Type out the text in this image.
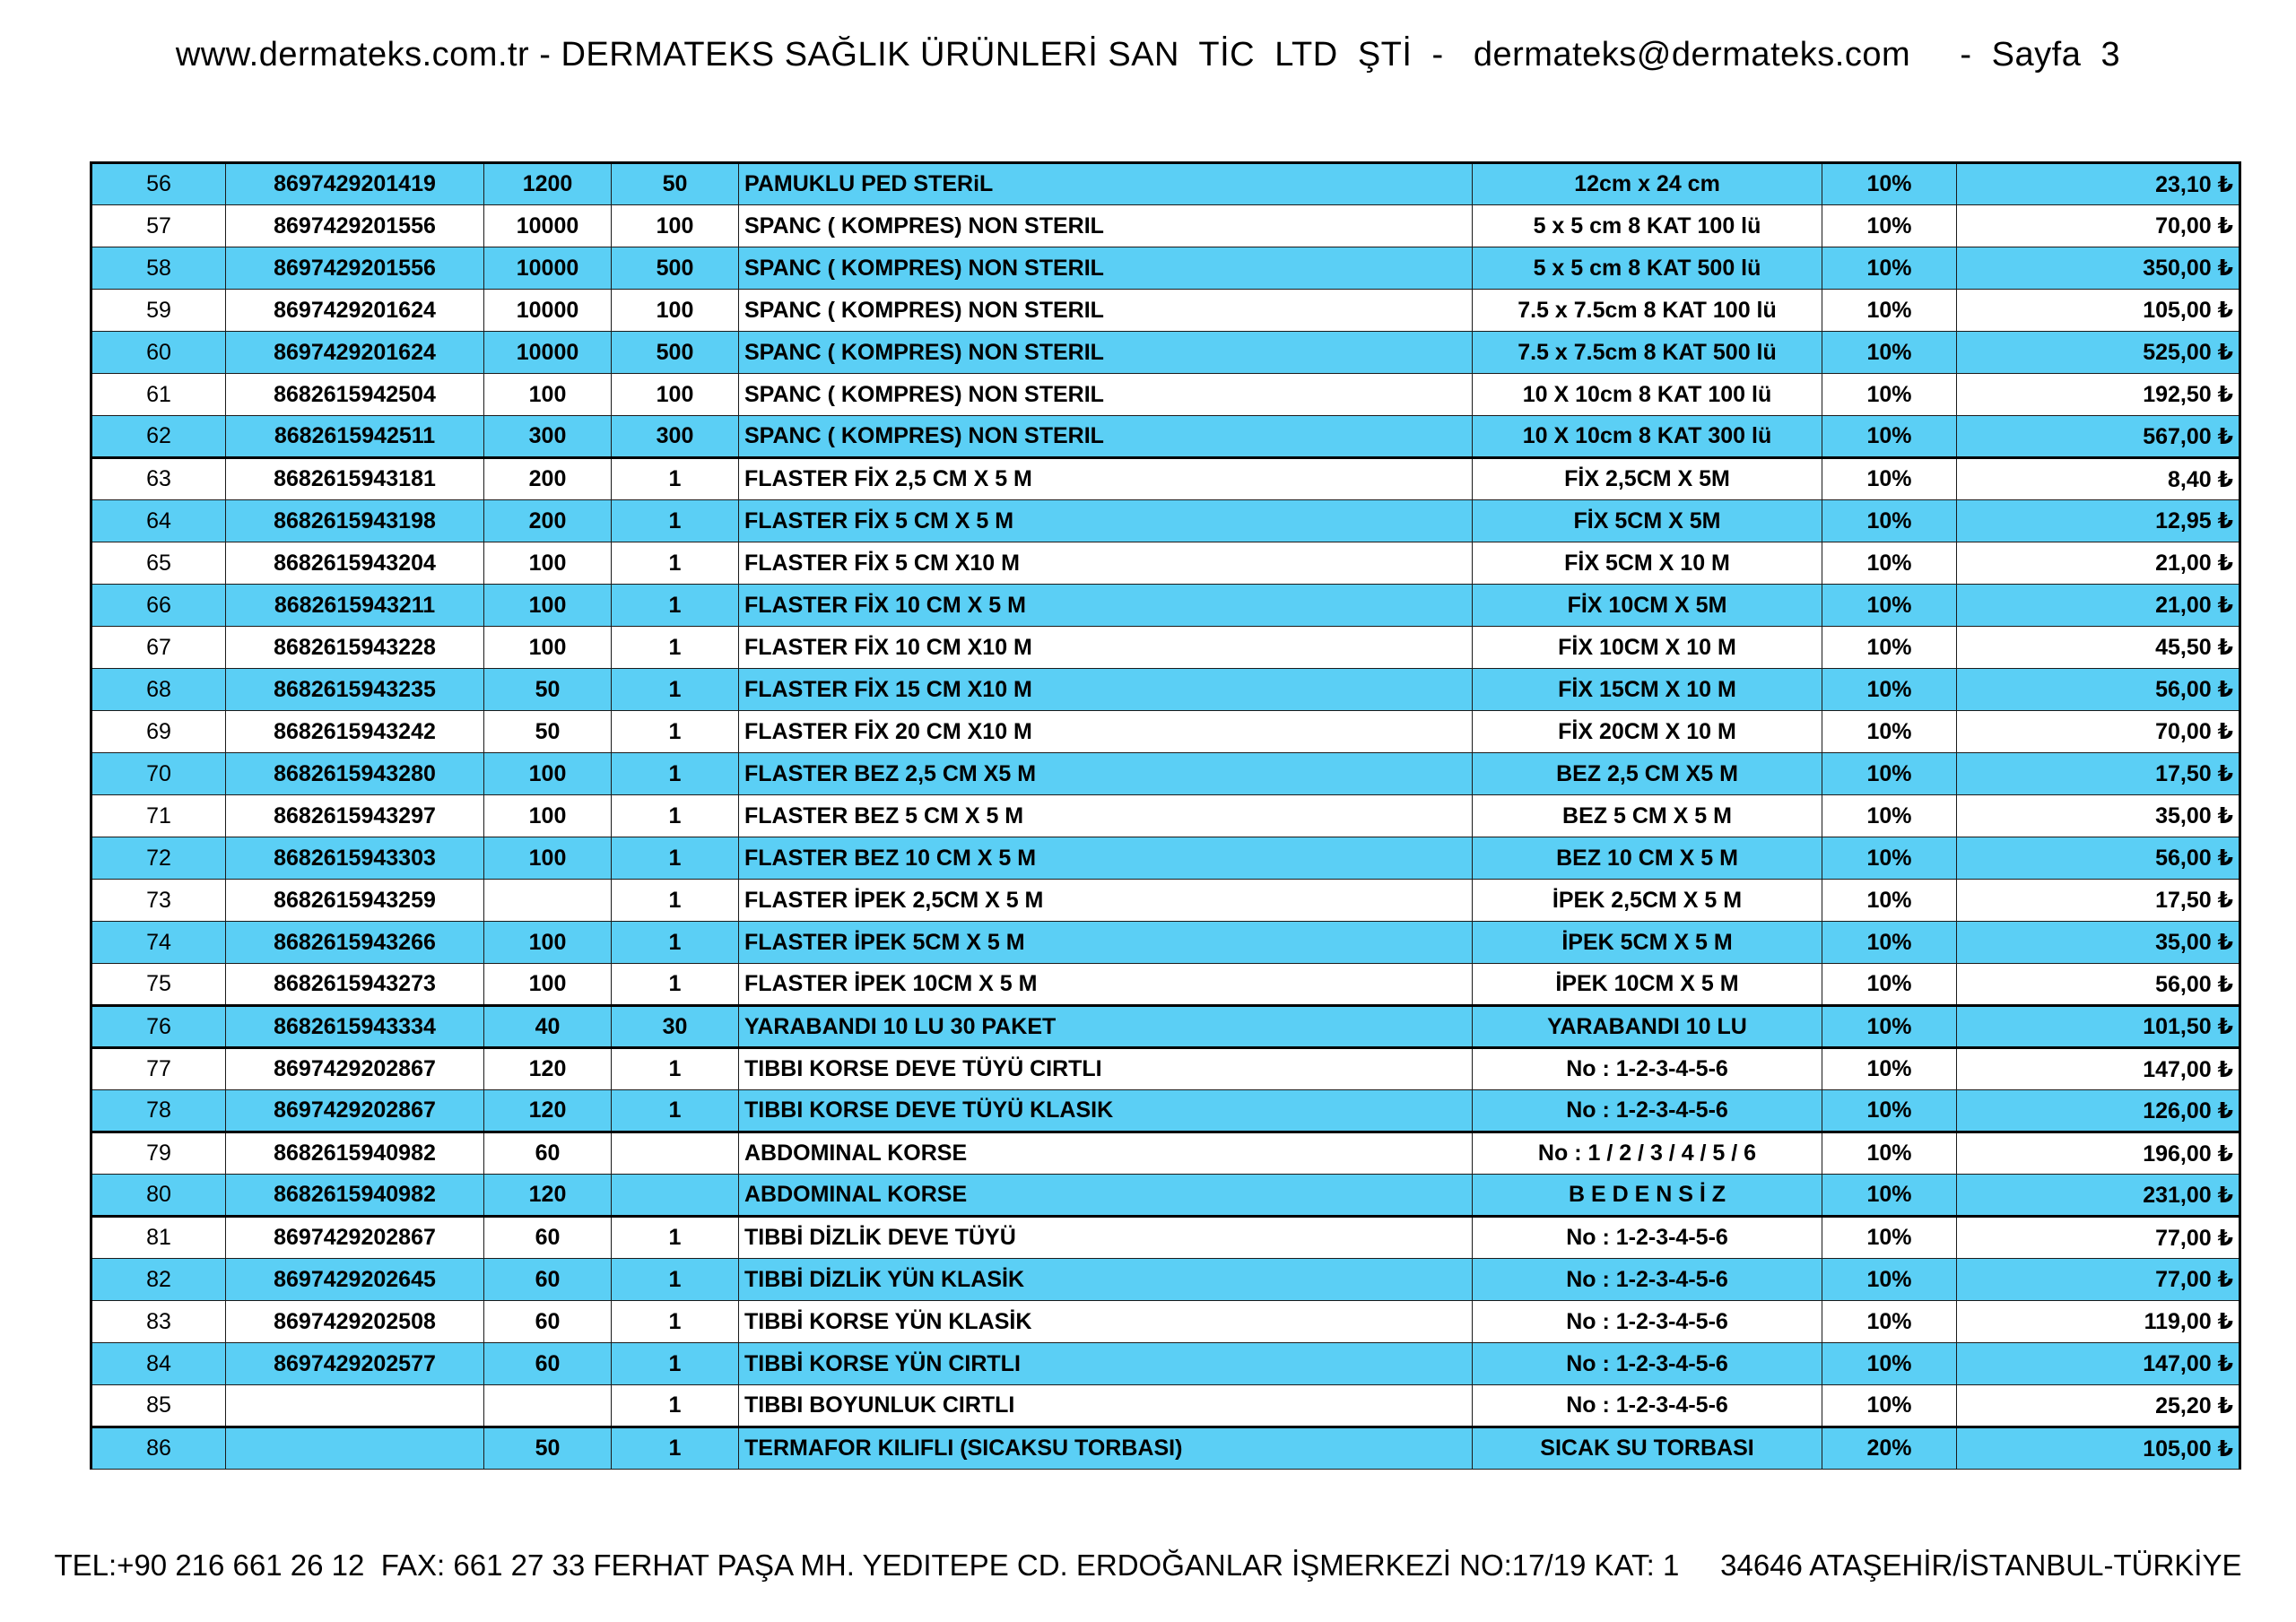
www.dermateks.com.tr - DERMATEKS SAĞLIK ÜRÜNLERİ SAN  TİC  LTD  ŞTİ  -   dermateks@dermateks.com     -  Sayfa  3
56	8697429201419	1200	50	PAMUKLU PED STERiL	12cm x 24 cm	10%	23,10 ₺
57	8697429201556	10000	100	SPANC ( KOMPRES) NON STERIL	5 x 5 cm 8 KAT 100 lü	10%	70,00 ₺
58	8697429201556	10000	500	SPANC ( KOMPRES) NON STERIL	5 x 5 cm 8 KAT 500 lü	10%	350,00 ₺
59	8697429201624	10000	100	SPANC ( KOMPRES) NON STERIL	7.5 x 7.5cm 8 KAT 100 lü	10%	105,00 ₺
60	8697429201624	10000	500	SPANC ( KOMPRES) NON STERIL	7.5 x 7.5cm 8 KAT 500 lü	10%	525,00 ₺
61	8682615942504	100	100	SPANC ( KOMPRES) NON STERIL	10 X 10cm 8 KAT 100 lü	10%	192,50 ₺
62	8682615942511	300	300	SPANC ( KOMPRES) NON STERIL	10 X 10cm 8 KAT 300 lü	10%	567,00 ₺
63	8682615943181	200	1	FLASTER FİX 2,5 CM X 5 M	FİX 2,5CM X 5M	10%	8,40 ₺
64	8682615943198	200	1	FLASTER FİX 5 CM X 5 M	FİX 5CM X 5M	10%	12,95 ₺
65	8682615943204	100	1	FLASTER FİX 5 CM X10 M	FİX 5CM X 10 M	10%	21,00 ₺
66	8682615943211	100	1	FLASTER FİX 10 CM X 5 M	FİX 10CM X 5M	10%	21,00 ₺
67	8682615943228	100	1	FLASTER FİX 10 CM X10 M	FİX 10CM X 10 M	10%	45,50 ₺
68	8682615943235	50	1	FLASTER FİX 15 CM X10 M	FİX 15CM X 10 M	10%	56,00 ₺
69	8682615943242	50	1	FLASTER FİX 20 CM X10 M	FİX 20CM X 10 M	10%	70,00 ₺
70	8682615943280	100	1	FLASTER BEZ 2,5 CM X5 M	BEZ 2,5 CM X5 M	10%	17,50 ₺
71	8682615943297	100	1	FLASTER BEZ 5 CM X 5 M	BEZ 5 CM X 5 M	10%	35,00 ₺
72	8682615943303	100	1	FLASTER BEZ 10 CM X 5 M	BEZ 10 CM X 5 M	10%	56,00 ₺
73	8682615943259		1	FLASTER İPEK 2,5CM X 5 M	İPEK 2,5CM X 5 M	10%	17,50 ₺
74	8682615943266	100	1	FLASTER İPEK 5CM X 5 M	İPEK 5CM X 5 M	10%	35,00 ₺
75	8682615943273	100	1	FLASTER İPEK 10CM X 5 M	İPEK 10CM X 5 M	10%	56,00 ₺
76	8682615943334	40	30	YARABANDI 10 LU 30 PAKET	YARABANDI 10 LU	10%	101,50 ₺
77	8697429202867	120	1	TIBBI KORSE DEVE TÜYÜ CIRTLI	No : 1-2-3-4-5-6	10%	147,00 ₺
78	8697429202867	120	1	TIBBI KORSE DEVE TÜYÜ KLASIK	No : 1-2-3-4-5-6	10%	126,00 ₺
79	8682615940982	60		ABDOMINAL KORSE	No : 1 / 2 / 3 / 4 / 5 / 6	10%	196,00 ₺
80	8682615940982	120		ABDOMINAL KORSE	B E D E N S İ Z	10%	231,00 ₺
81	8697429202867	60	1	TIBBİ DİZLİK DEVE TÜYÜ	No : 1-2-3-4-5-6	10%	77,00 ₺
82	8697429202645	60	1	TIBBİ DİZLİK YÜN KLASİK	No : 1-2-3-4-5-6	10%	77,00 ₺
83	8697429202508	60	1	TIBBİ KORSE YÜN KLASİK	No : 1-2-3-4-5-6	10%	119,00 ₺
84	8697429202577	60	1	TIBBİ KORSE YÜN CIRTLI	No : 1-2-3-4-5-6	10%	147,00 ₺
85			1	TIBBI BOYUNLUK CIRTLI	No : 1-2-3-4-5-6	10%	25,20 ₺
86		50	1	TERMAFOR KILIFLI (SICAKSU TORBASI)	SICAK SU TORBASI	20%	105,00 ₺
TEL:+90 216 661 26 12  FAX: 661 27 33 FERHAT PAŞA MH. YEDITEPE CD. ERDOĞANLAR İŞMERKEZİ NO:17/19 KAT: 1     34646 ATAŞEHİR/İSTANBUL-TÜRKİYE
